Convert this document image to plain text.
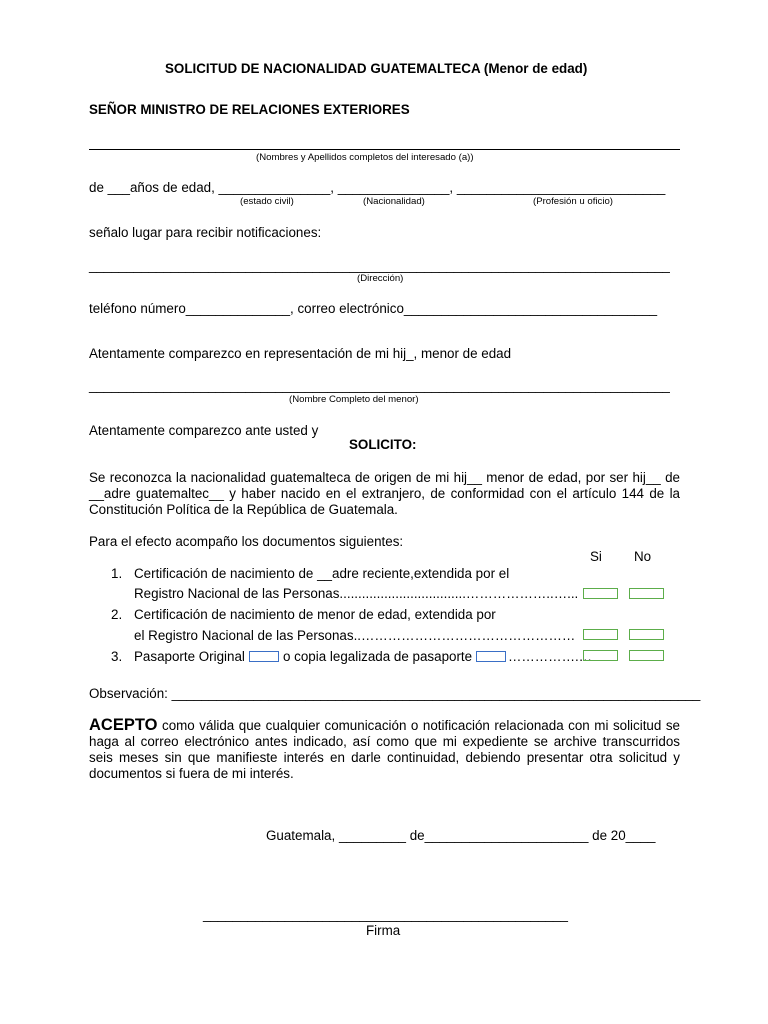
SOLICITUD DE NACIONALIDAD GUATEMALTECA (Menor de edad)
SEÑOR MINISTRO DE RELACIONES EXTERIORES
(Nombres y Apellidos completos del interesado (a))
de ___años de edad, _______________, _______________, ____________________________
(estado civil)	(Nacionalidad)	(Profesión u oficio)
señalo lugar para recibir notificaciones:
______________________________________________________________________________
(Dirección)
teléfono número______________, correo electrónico__________________________________
Atentamente comparezco en representación de mi hij_, menor de edad
______________________________________________________________________________
(Nombre Completo del menor)
Atentamente comparezco ante usted y
SOLICITO:
Se reconozca la nacionalidad guatemalteca de origen de mi hij__ menor de edad, por ser hij__ de __adre guatemaltec__ y haber nacido en el extranjero, de conformidad con el artículo 144 de la Constitución Política de la República de Guatemala.
Para el efecto acompaño los documentos siguientes:
Si No
1. Certificación de nacimiento de __adre reciente,extendida por el
Registro Nacional de las Personas..................................………………..…...
2. Certificación de nacimiento de menor de edad, extendida por
el Registro Nacional de las Personas..…………………………………………
3. Pasaporte Original	o copia legalizada de pasaporte	…………….…
Observación: _______________________________________________________________________
ACEPTO como válida que cualquier comunicación o notificación relacionada con mi solicitud se haga al correo electrónico antes indicado, así como que mi expediente se archive transcurridos seis meses sin que manifieste interés en darle continuidad, debiendo presentar otra solicitud y documentos si fuera de mi interés.
Guatemala, _________ de______________________ de 20____
_________________________________________________
Firma
